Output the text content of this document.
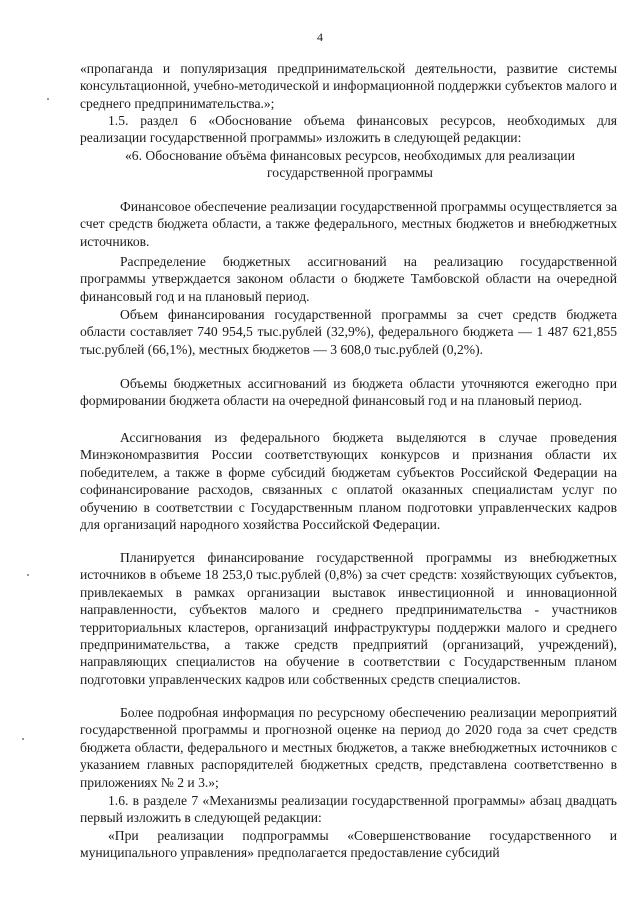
4

«пропаганда и популяризация предпринимательской деятельности, развитие системы консультационной, учебно-методической и информационной поддержки субъектов малого и среднего предпринимательства.»;

1.5. раздел 6 «Обоснование объема финансовых ресурсов, необходимых для реализации государственной программы» изложить в следующей редакции:

«6. Обоснование объёма финансовых ресурсов, необходимых для реализации государственной программы

Финансовое обеспечение реализации государственной программы осуществляется за счет средств бюджета области, а также федерального, местных бюджетов и внебюджетных источников.

Распределение бюджетных ассигнований на реализацию государственной программы утверждается законом области о бюджете Тамбовской области на очередной финансовый год и на плановый период.

Объем финансирования государственной программы за счет средств бюджета области составляет 740 954,5 тыс.рублей (32,9%), федерального бюджета — 1 487 621,855 тыс.рублей (66,1%), местных бюджетов — 3 608,0 тыс.рублей (0,2%).

Объемы бюджетных ассигнований из бюджета области уточняются ежегодно при формировании бюджета области на очередной финансовый год и на плановый период.

Ассигнования из федерального бюджета выделяются в случае проведения Минэкономразвития России соответствующих конкурсов и признания области их победителем, а также в форме субсидий бюджетам субъектов Российской Федерации на софинансирование расходов, связанных с оплатой оказанных специалистам услуг по обучению в соответствии с Государственным планом подготовки управленческих кадров для организаций народного хозяйства Российской Федерации.

Планируется финансирование государственной программы из внебюджетных источников в объеме 18 253,0 тыс.рублей (0,8%) за счет средств: хозяйствующих субъектов, привлекаемых в рамках организации выставок инвестиционной и инновационной направленности, субъектов малого и среднего предпринимательства - участников территориальных кластеров, организаций инфраструктуры поддержки малого и среднего предпринимательства, а также средств предприятий (организаций, учреждений), направляющих специалистов на обучение в соответствии с Государственным планом подготовки управленческих кадров или собственных средств специалистов.

Более подробная информация по ресурсному обеспечению реализации мероприятий государственной программы и прогнозной оценке на период до 2020 года за счет средств бюджета области, федерального и местных бюджетов, а также внебюджетных источников с указанием главных распорядителей бюджетных средств, представлена соответственно в приложениях № 2 и 3.»;

1.6. в разделе 7 «Механизмы реализации государственной программы» абзац двадцать первый изложить в следующей редакции:

«При реализации подпрограммы «Совершенствование государственного и муниципального управления» предполагается предоставление субсидий
